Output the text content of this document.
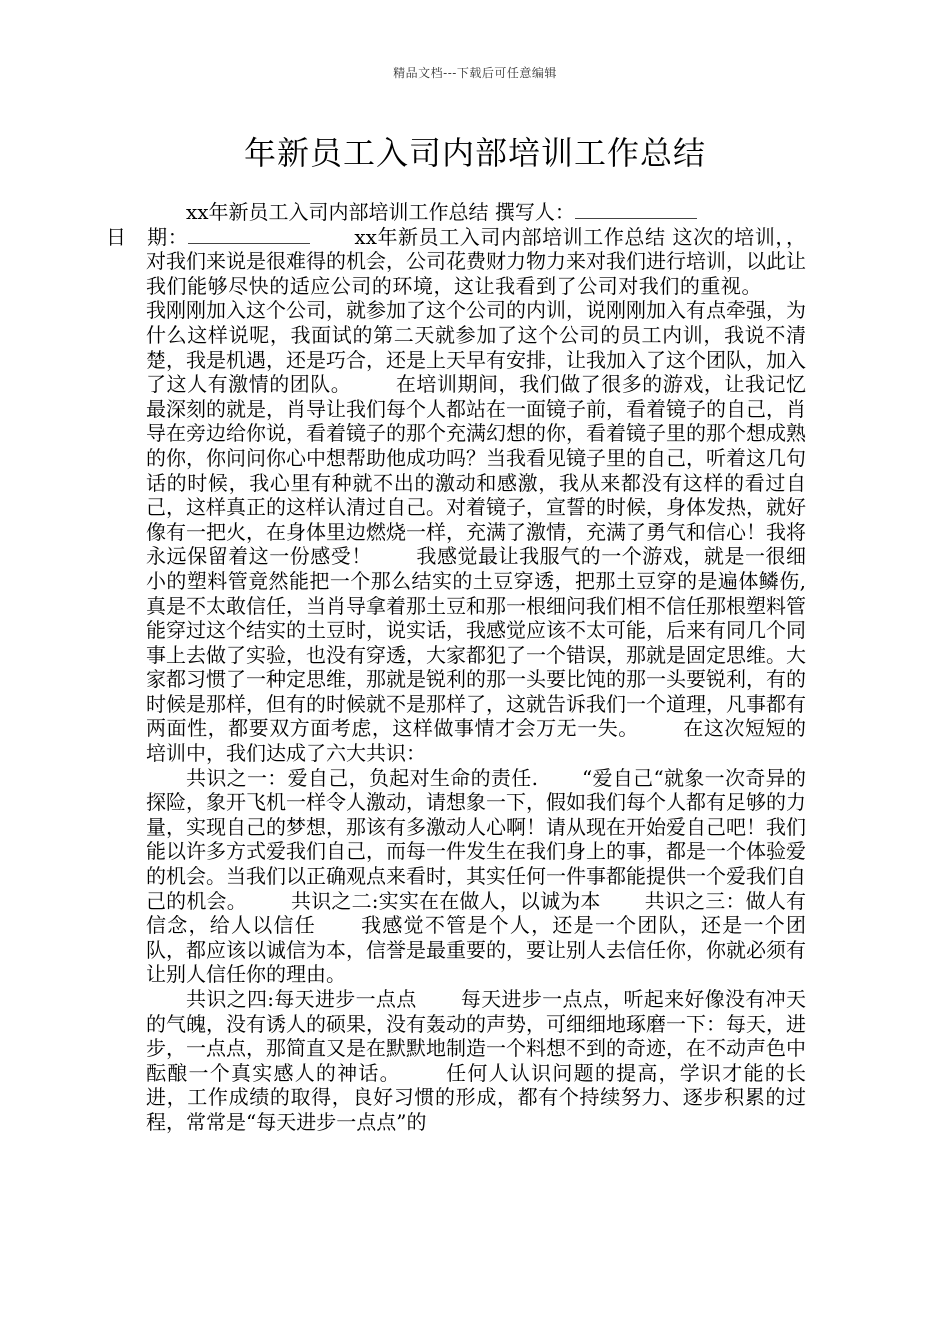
精品文档---下载后可任意编辑
年新员工入司内部培训工作总结

xx年新员工入司内部培训工作总结 撰写人：
日　期：	xx年新员工入司内部培训工作总结 这次的培训，，对我们来说是很难得的机会，公司花费财力物力来对我们进行培训，以此让我们能够尽快的适应公司的环境，这让我看到了公司对我们的重视。我刚刚加入这个公司，就参加了这个公司的内训，说刚刚加入有点牵强，为什么这样说呢，我面试的第二天就参加了这个公司的员工内训，我说不清楚，我是机遇，还是巧合，还是上天早有安排，让我加入了这个团队，加入了这人有激情的团队。 在培训期间，我们做了很多的游戏，让我记忆最深刻的就是，肖导让我们每个人都站在一面镜子前，看着镜子的自己，肖导在旁边给你说，看着镜子的那个充满幻想的你，看着镜子里的那个想成熟的你，你问问你心中想帮助他成功吗？当我看见镜子里的自己，听着这几句话的时候，我心里有种就不出的激动和感激，我从来都没有这样的看过自己，这样真正的这样认清过自己。对着镜子，宣誓的时候，身体发热，就好像有一把火，在身体里边燃烧一样，充满了激情，充满了勇气和信心！我将永远保留着这一份感受！ 我感觉最让我服气的一个游戏，就是一很细小的塑料管竟然能把一个那么结实的土豆穿透，把那土豆穿的是遍体鳞伤,真是不太敢信任，当肖导拿着那土豆和那一根细问我们相不信任那根塑料管能穿过这个结实的土豆时，说实话，我感觉应该不太可能，后来有同几个同事上去做了实验，也没有穿透，大家都犯了一个错误，那就是固定思维。大家都习惯了一种定思维，那就是锐利的那一头要比饨的那一头要锐利，有的时候是那样，但有的时候就不是那样了，这就告诉我们一个道理，凡事都有两面性，都要双方面考虑，这样做事情才会万无一失。 在这次短短的培训中，我们达成了六大共识：

共识之一：爱自己，负起对生命的责任. “爱自己“就象一次奇异的探险，象开飞机一样令人激动，请想象一下，假如我们每个人都有足够的力量，实现自己的梦想，那该有多激动人心啊！请从现在开始爱自己吧！我们能以许多方式爱我们自己，而每一件发生在我们身上的事，都是一个体验爱的机会。当我们以正确观点来看时，其实任何一件事都能提供一个爱我们自己的机会。 共识之二:实实在在做人，以诚为本 共识之三：做人有信念，给人以信任 我感觉不管是个人，还是一个团队，还是一个团队，都应该以诚信为本，信誉是最重要的，要让别人去信任你，你就必须有让别人信任你的理由。

共识之四:每天进步一点点 每天进步一点点，听起来好像没有冲天的气魄，没有诱人的硕果，没有轰动的声势，可细细地琢磨一下：每天，进步，一点点，那简直又是在默默地制造一个料想不到的奇迹，在不动声色中酝酿一个真实感人的神话。 任何人认识问题的提高，学识才能的长进，工作成绩的取得，良好习惯的形成，都有个持续努力、逐步积累的过程，常常是“每天进步一点点”的
